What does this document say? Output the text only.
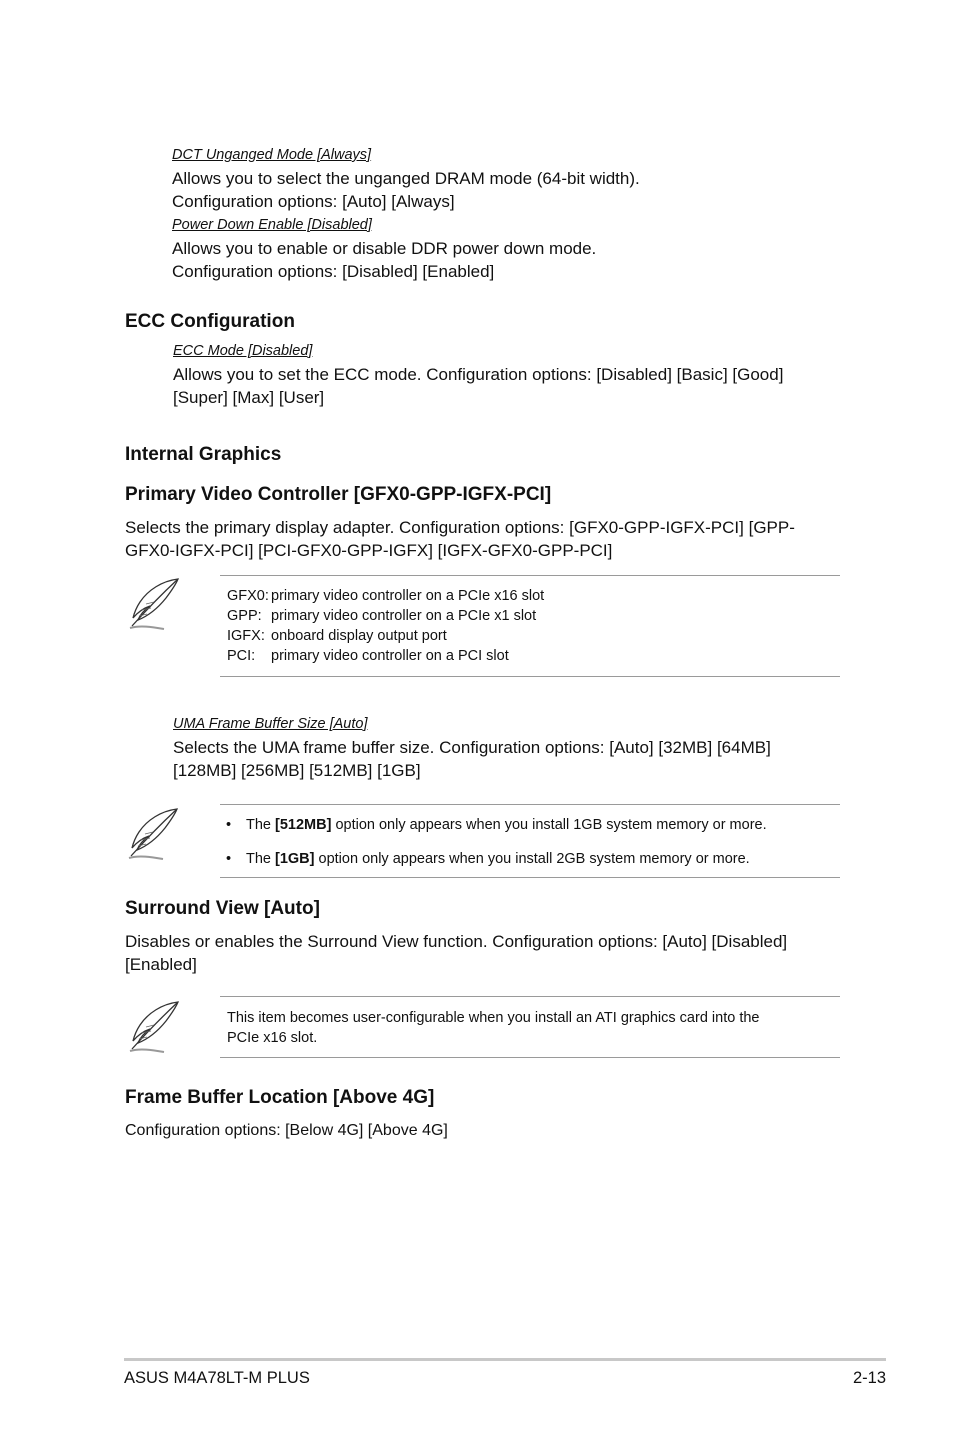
DCT Unganged Mode [Always]
Allows you to select the unganged DRAM mode (64-bit width).
Configuration options: [Auto] [Always]
Power Down Enable [Disabled]
Allows you to enable or disable DDR power down mode.
Configuration options: [Disabled] [Enabled]
ECC Configuration
ECC Mode [Disabled]
Allows you to set the ECC mode. Configuration options: [Disabled] [Basic] [Good]
[Super] [Max] [User]
Internal Graphics
Primary Video Controller [GFX0-GPP-IGFX-PCI]
Selects the primary display adapter. Configuration options: [GFX0-GPP-IGFX-PCI] [GPP-
GFX0-IGFX-PCI] [PCI-GFX0-GPP-IGFX] [IGFX-GFX0-GPP-PCI]
GFX0: primary video controller on a PCIe x16 slot
GPP: primary video controller on a PCIe x1 slot
IGFX: onboard display output port
PCI:	primary video controller on a PCI slot
UMA Frame Buffer Size [Auto]
Selects the UMA frame buffer size. Configuration options: [Auto] [32MB] [64MB]
[128MB] [256MB] [512MB] [1GB]
• The [512MB] option only appears when you install 1GB system memory or more.
• The [1GB] option only appears when you install 2GB system memory or more.
Surround View [Auto]
Disables or enables the Surround View function. Configuration options: [Auto] [Disabled]
[Enabled]
This item becomes user-configurable when you install an ATI graphics card into the
PCIe x16 slot.
Frame Buffer Location [Above 4G]
Configuration options: [Below 4G] [Above 4G]
ASUS M4A78LT-M PLUS	2-13
